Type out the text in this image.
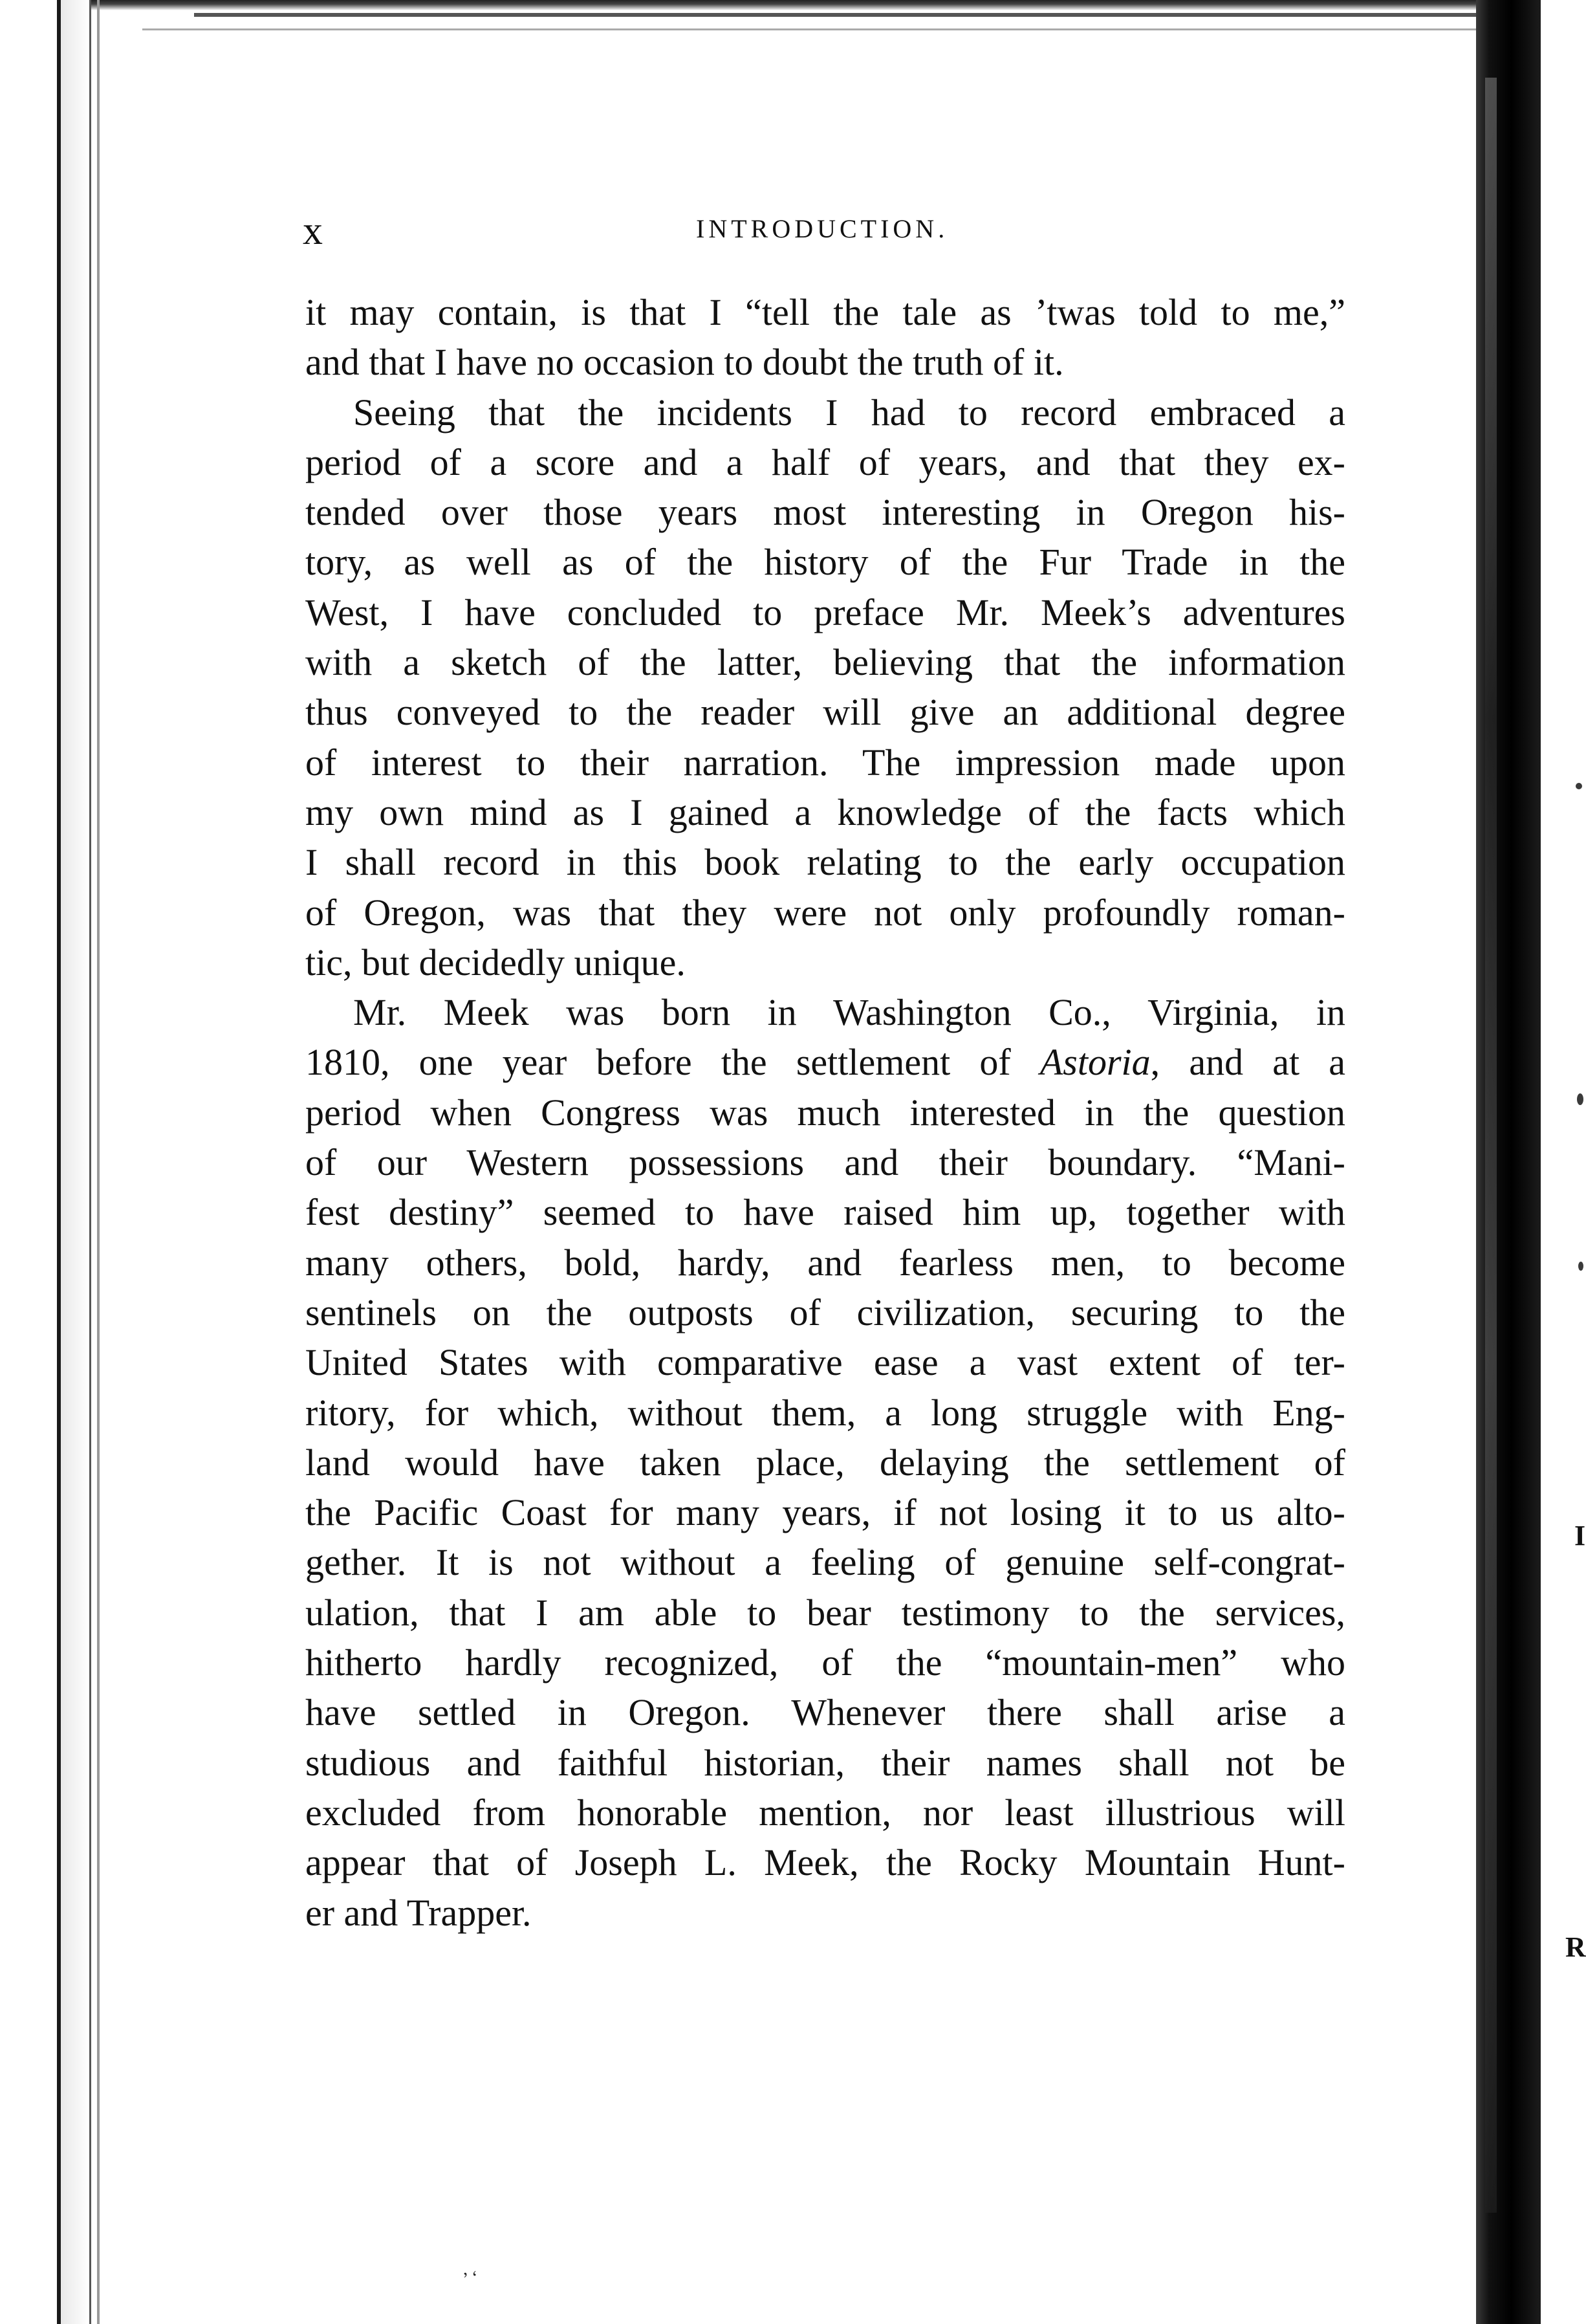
I
R
x	INTRODUCTION.
it may contain, is that I “tell the tale as ’twas told to me,”
and that I have no occasion to doubt the truth of it.
Seeing that the incidents I had to record embraced a
period of a score and a half of years, and that they ex-
tended over those years most interesting in Oregon his-
tory, as well as of the history of the Fur Trade in the
West, I have concluded to preface Mr. Meek’s adventures
with a sketch of the latter, believing that the information
thus conveyed to the reader will give an additional degree
of interest to their narration. The impression made upon
my own mind as I gained a knowledge of the facts which
I shall record in this book relating to the early occupation
of Oregon, was that they were not only profoundly roman-
tic, but decidedly unique.
Mr. Meek was born in Washington Co., Virginia, in
1810, one year before the settlement of Astoria, and at a
period when Congress was much interested in the question
of our Western possessions and their boundary. “Mani-
fest destiny” seemed to have raised him up, together with
many others, bold, hardy, and fearless men, to become
sentinels on the outposts of civilization, securing to the
United States with comparative ease a vast extent of ter-
ritory, for which, without them, a long struggle with Eng-
land would have taken place, delaying the settlement of
the Pacific Coast for many years, if not losing it to us alto-
gether. It is not without a feeling of genuine self-congrat-
ulation, that I am able to bear testimony to the services,
hitherto hardly recognized, of the “mountain-men” who
have settled in Oregon. Whenever there shall arise a
studious and faithful historian, their names shall not be
excluded from honorable mention, nor least illustrious will
appear that of Joseph L. Meek, the Rocky Mountain Hunt-
er and Trapper.
’ ‘
